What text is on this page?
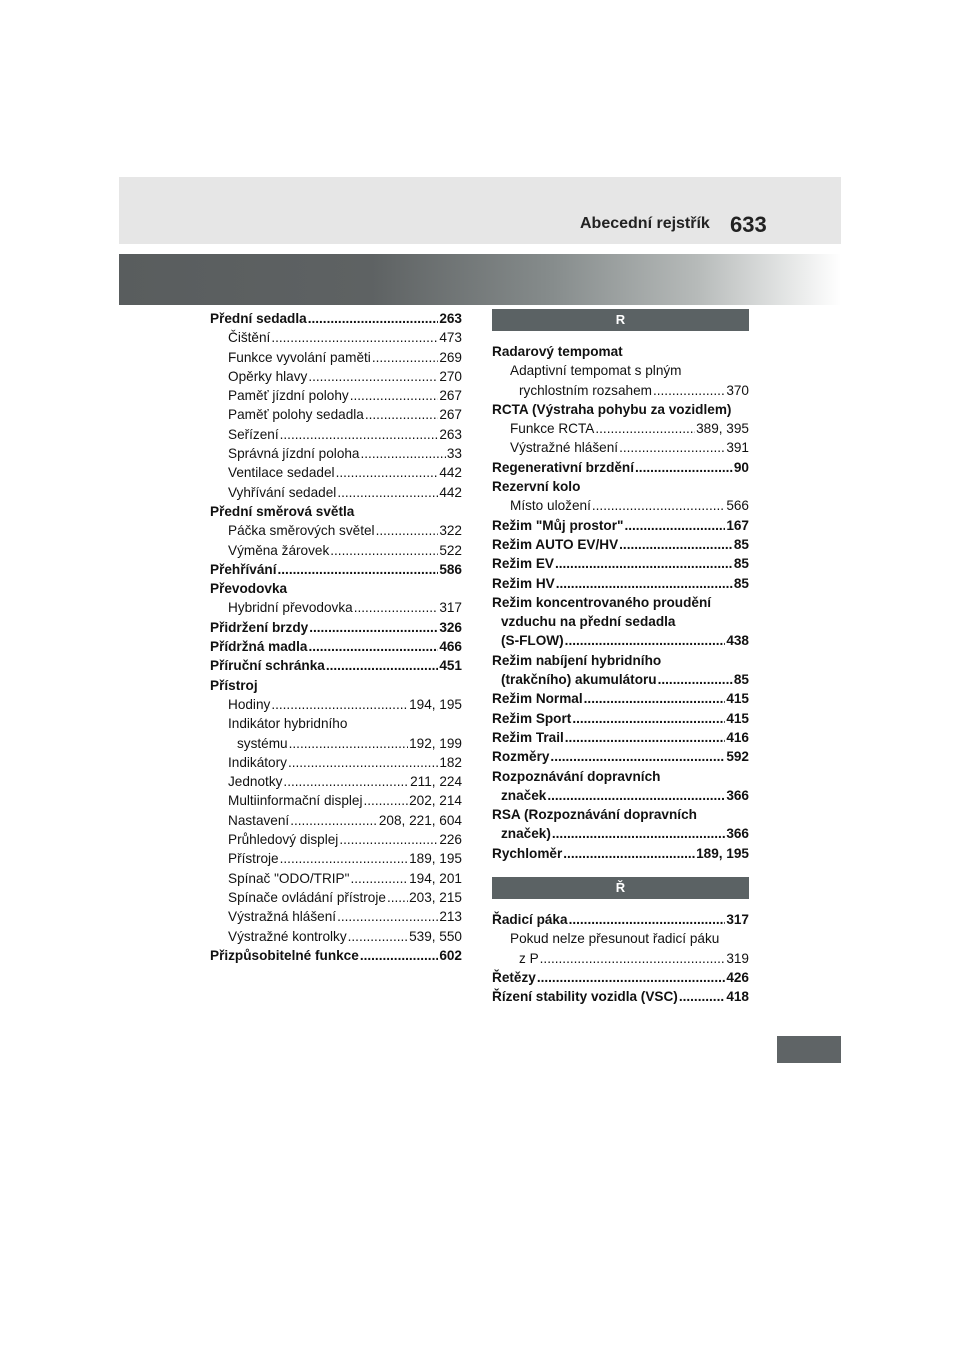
Abecední rejstřík 633
Přední sedadla .....	263
Čištění .....	473
Funkce vyvolání paměti .....	269
Opěrky hlavy .....	270
Paměť jízdní polohy .....	267
Paměť polohy sedadla .....	267
Seřízení .....	263
Správná jízdní poloha .....	33
Ventilace sedadel .....	442
Vyhřívání sedadel .....	442
Přední směrová světla
Páčka směrových světel .....	322
Výměna žárovek .....	522
Přehřívání .....	586
Převodovka
Hybridní převodovka .....	317
Přidržení brzdy .....	326
Přídržná madla .....	466
Příruční schránka .....	451
Přístroj
Hodiny .....	194, 195
Indikátor hybridního
systému .....	192, 199
Indikátory .....	182
Jednotky .....	211, 224
Multiinformační displej .....	202, 214
Nastavení .....	208, 221, 604
Průhledový displej .....	226
Přístroje .....	189, 195
Spínač "ODO/TRIP" .....	194, 201
Spínače ovládání přístroje ..... 203, 215
Výstražná hlášení .....	213
Výstražné kontrolky .....	539, 550
Přizpůsobitelné funkce .....	602
R
Radarový tempomat
Adaptivní tempomat s plným
rychlostním rozsahem .....	370
RCTA (Výstraha pohybu za vozidlem)
Funkce RCTA .....	389, 395
Výstražné hlášení .....	391
Regenerativní brzdění .....	90
Rezervní kolo
Místo uložení .....	566
Režim "Můj prostor" .....	167
Režim AUTO EV/HV .....	85
Režim EV .....	85
Režim HV .....	85
Režim koncentrovaného proudění
vzduchu na přední sedadla
(S-FLOW) .....	438
Režim nabíjení hybridního
(trakčního) akumulátoru .....	85
Režim Normal .....	415
Režim Sport .....	415
Režim Trail .....	416
Rozměry .....	592
Rozpoznávání dopravních
značek .....	366
RSA (Rozpoznávání dopravních
značek) .....	366
Rychloměr .....	189, 195
Ř
Řadicí páka .....	317
Pokud nelze přesunout řadicí páku
z P .....	319
Řetězy .....	426
Řízení stability vozidla (VSC) .....	418
